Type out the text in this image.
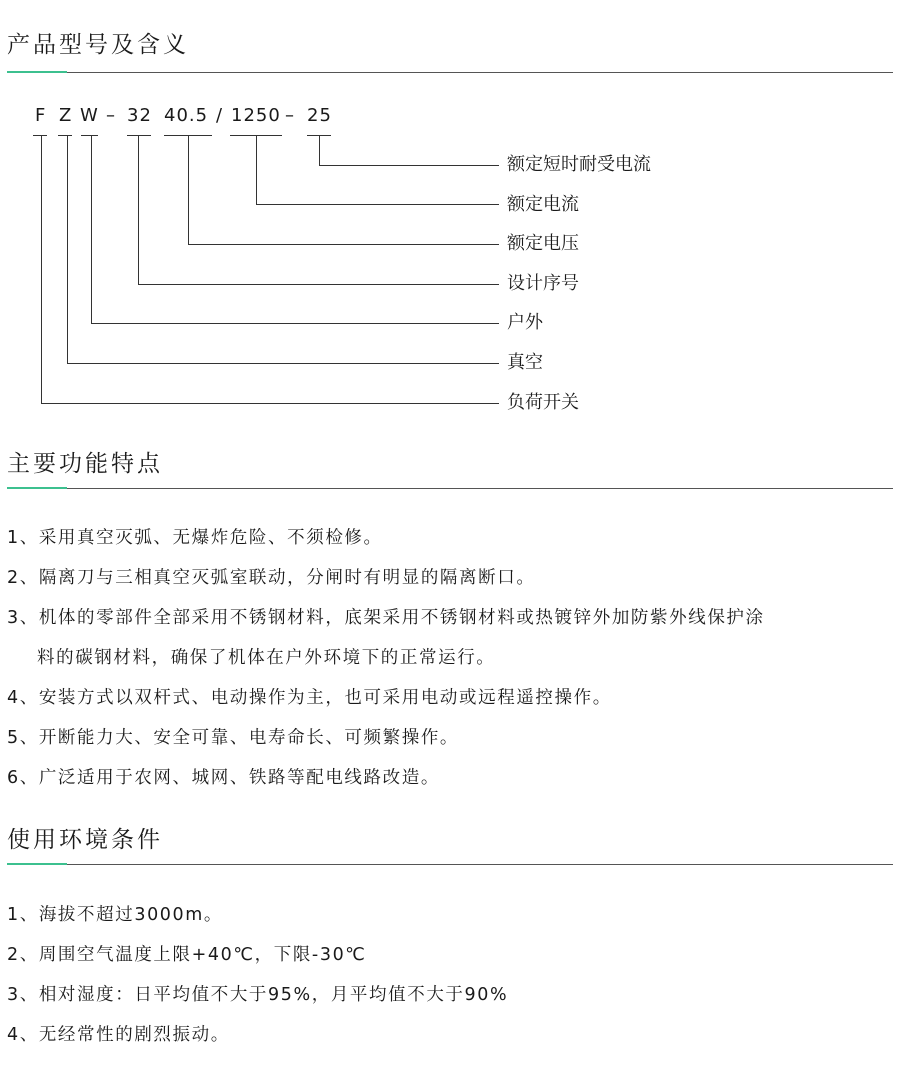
产品型号及含义
F Z W – 32 40.5 / 1250 – 25
额定短时耐受电流
额定电流
额定电压
设计序号
户外
真空
负荷开关
主要功能特点
1、采用真空灭弧、无爆炸危险、不须检修。
2、隔离刀与三相真空灭弧室联动，分闸时有明显的隔离断口。
3、机体的零部件全部采用不锈钢材料，底架采用不锈钢材料或热镀锌外加防紫外线保护涂
料的碳钢材料，确保了机体在户外环境下的正常运行。
4、安装方式以双杆式、电动操作为主，也可采用电动或远程遥控操作。
5、开断能力大、安全可靠、电寿命长、可频繁操作。
6、广泛适用于农网、城网、铁路等配电线路改造。
使用环境条件
1、海拔不超过3000m。
2、周围空气温度上限+40℃，下限-30℃
3、相对湿度：日平均值不大于95%，月平均值不大于90%
4、无经常性的剧烈振动。
